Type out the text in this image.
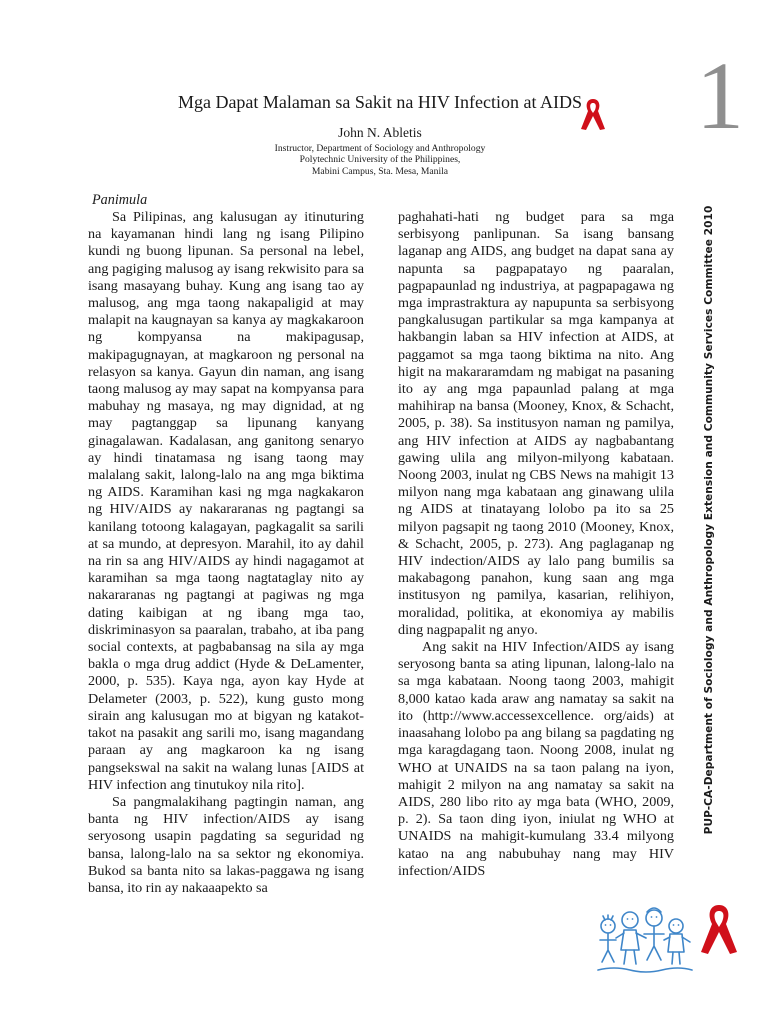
1
Mga Dapat Malaman sa Sakit na HIV Infection at AIDS
John N. Abletis
Instructor, Department of Sociology and Anthropology
Polytechnic University of the Philippines,
Mabini Campus, Sta. Mesa, Manila
Panimula

Sa Pilipinas, ang kalusugan ay itinuturing na kayamanan hindi lang ng isang Pilipino kundi ng buong lipunan. Sa personal na lebel, ang pagiging malusog ay isang rekwisito para sa isang masayang buhay. Kung ang isang tao ay malusog, ang mga taong nakapaligid at may malapit na kaugnayan sa kanya ay magkakaroon ng kompyansa na makipagusap, makipagugnayan, at magkaroon ng personal na relasyon sa kanya. Gayun din naman, ang isang taong malusog ay may sapat na kompyansa para mabuhay ng masaya, ng may dignidad, at ng may pagtanggap sa lipunang kanyang ginagalawan. Kadalasan, ang ganitong senaryo ay hindi tinatamasa ng isang taong may malalang sakit, lalong-lalo na ang mga biktima ng AIDS. Karamihan kasi ng mga nagkakaron ng HIV/AIDS ay nakararanas ng pagtangi sa kanilang totoong kalagayan, pagkagalit sa sarili at sa mundo, at depresyon. Marahil, ito ay dahil na rin sa ang HIV/AIDS ay hindi nagagamot at karamihan sa mga taong nagtataglay nito ay nakararanas ng pagtangi at pagiwas ng mga dating kaibigan at ng ibang mga tao, diskriminasyon sa paaralan, trabaho, at iba pang social contexts, at pagbabansag na sila ay mga bakla o mga drug addict (Hyde & DeLamenter, 2000, p. 535). Kaya nga, ayon kay Hyde at Delameter (2003, p. 522), kung gusto mong sirain ang kalusugan mo at bigyan ng katakot-takot na pasakit ang sarili mo, isang magandang paraan ay ang magkaroon ka ng isang pangsekswal na sakit na walang lunas [AIDS at HIV infection ang tinutukoy nila rito].

Sa pangmalakihang pagtingin naman, ang banta ng HIV infection/AIDS ay isang seryosong usapin pagdating sa seguridad ng bansa, lalong-lalo na sa sektor ng ekonomiya. Bukod sa banta nito sa lakas-paggawa ng isang bansa, ito rin ay nakaaapekto sa

paghahati-hati ng budget para sa mga serbisyong panlipunan. Sa isang bansang laganap ang AIDS, ang budget na dapat sana ay napunta sa pagpapatayo ng paaralan, pagpapaunlad ng industriya, at pagpapagawa ng mga imprastraktura ay napupunta sa serbisyong pangkalusugan partikular sa mga kampanya at hakbangin laban sa HIV infection at AIDS, at paggamot sa mga taong biktima na nito. Ang higit na makararamdam ng mabigat na pasaning ito ay ang mga papaunlad palang at mga mahihirap na bansa (Mooney, Knox, & Schacht, 2005, p. 38). Sa institusyon naman ng pamilya, ang HIV infection at AIDS ay nagbabantang gawing ulila ang milyon-milyong kabataan. Noong 2003, inulat ng CBS News na mahigit 13 milyon nang mga kabataan ang ginawang ulila ng AIDS at tinatayang lolobo pa ito sa 25 milyon pagsapit ng taong 2010 (Mooney, Knox, & Schacht, 2005, p. 273). Ang paglaganap ng HIV indection/AIDS ay lalo pang bumilis sa makabagong panahon, kung saan ang mga institusyon ng pamilya, kasarian, relihiyon, moralidad, politika, at ekonomiya ay mabilis ding nagpapalit ng anyo.

Ang sakit na HIV Infection/AIDS ay isang seryosong banta sa ating lipunan, lalong-lalo na sa mga kabataan. Noong taong 2003, mahigit 8,000 katao kada araw ang namatay sa sakit na ito (http://www.accessexcellence. org/aids) at inaasahang lolobo pa ang bilang sa pagdating ng mga karagdagang taon. Noong 2008, inulat ng WHO at UNAIDS na sa taon palang na iyon, mahigit 2 milyon na ang namatay sa sakit na AIDS, 280 libo rito ay mga bata (WHO, 2009, p. 2). Sa taon ding iyon, iniulat ng WHO at UNAIDS na mahigit-kumulang 33.4 milyong katao na ang nabubuhay nang may HIV infection/AIDS

PUP-CA-Department of Sociology and Anthropology Extension and Community Services Committee 2010
